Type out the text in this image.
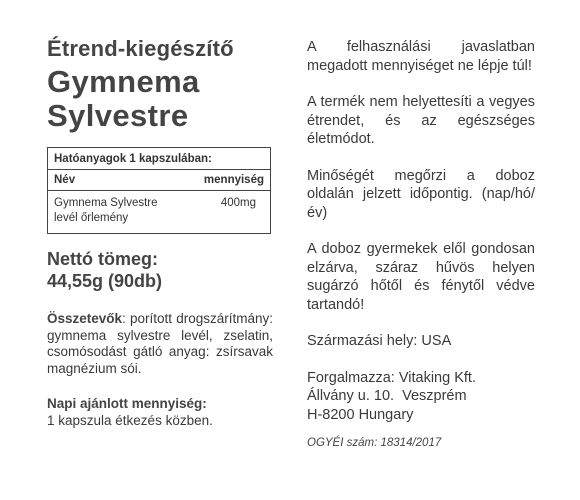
Étrend-kiegészítő
Gymnema
Sylvestre
Hatóanyagok 1 kapszulában:
Név	mennyiség
Gymnema Sylvestre levél őrlemény
400mg
Nettó tömeg:
44,55g (90db)
Összetevők: porított drogszárítmány: gymnema sylvestre levél, zselatin, csomósodást gátló anyag: zsírsavak magnézium sói.
Napi ajánlott mennyiség:
1 kapszula étkezés közben.

A felhasználási javaslatban megadott mennyiséget ne lépje túl!

A termék nem helyettesíti a vegyes étrendet, és az egészséges életmódot.

Minőségét megőrzi a doboz oldalán jelzett időpontig. (nap/hó/év)

A doboz gyermekek elől gondosan elzárva, száraz hűvös helyen sugárzó hőtől és fénytől védve tartandó!

Származási hely: USA

Forgalmazza: Vitaking Kft.
Állvány u. 10.  Veszprém
H-8200 Hungary

OGYÉI szám: 18314/2017
